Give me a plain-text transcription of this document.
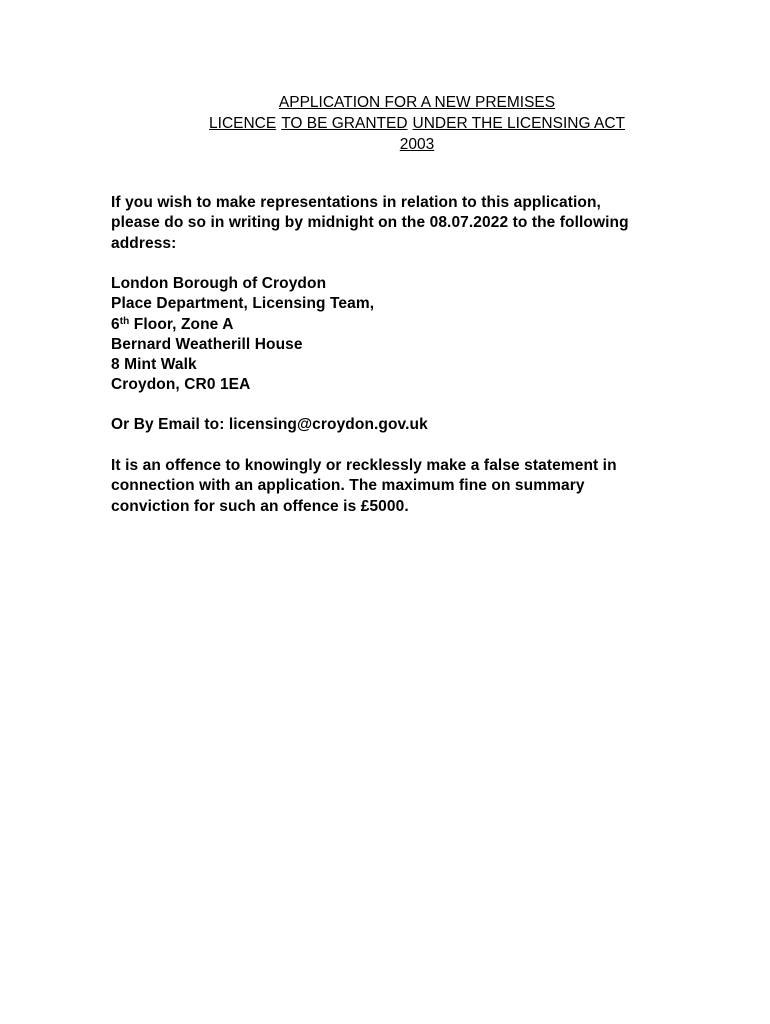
APPLICATION FOR A NEW PREMISES
LICENCE TO BE GRANTED UNDER THE LICENSING ACT
2003
If you wish to make representations in relation to this application,
please do so in writing by midnight on the 08.07.2022 to the following
address:
London Borough of Croydon
Place Department, Licensing Team,
6th Floor, Zone A
Bernard Weatherill House
8 Mint Walk
Croydon, CR0 1EA
Or By Email to: licensing@croydon.gov.uk
It is an offence to knowingly or recklessly make a false statement in
connection with an application. The maximum fine on summary
conviction for such an offence is £5000.
